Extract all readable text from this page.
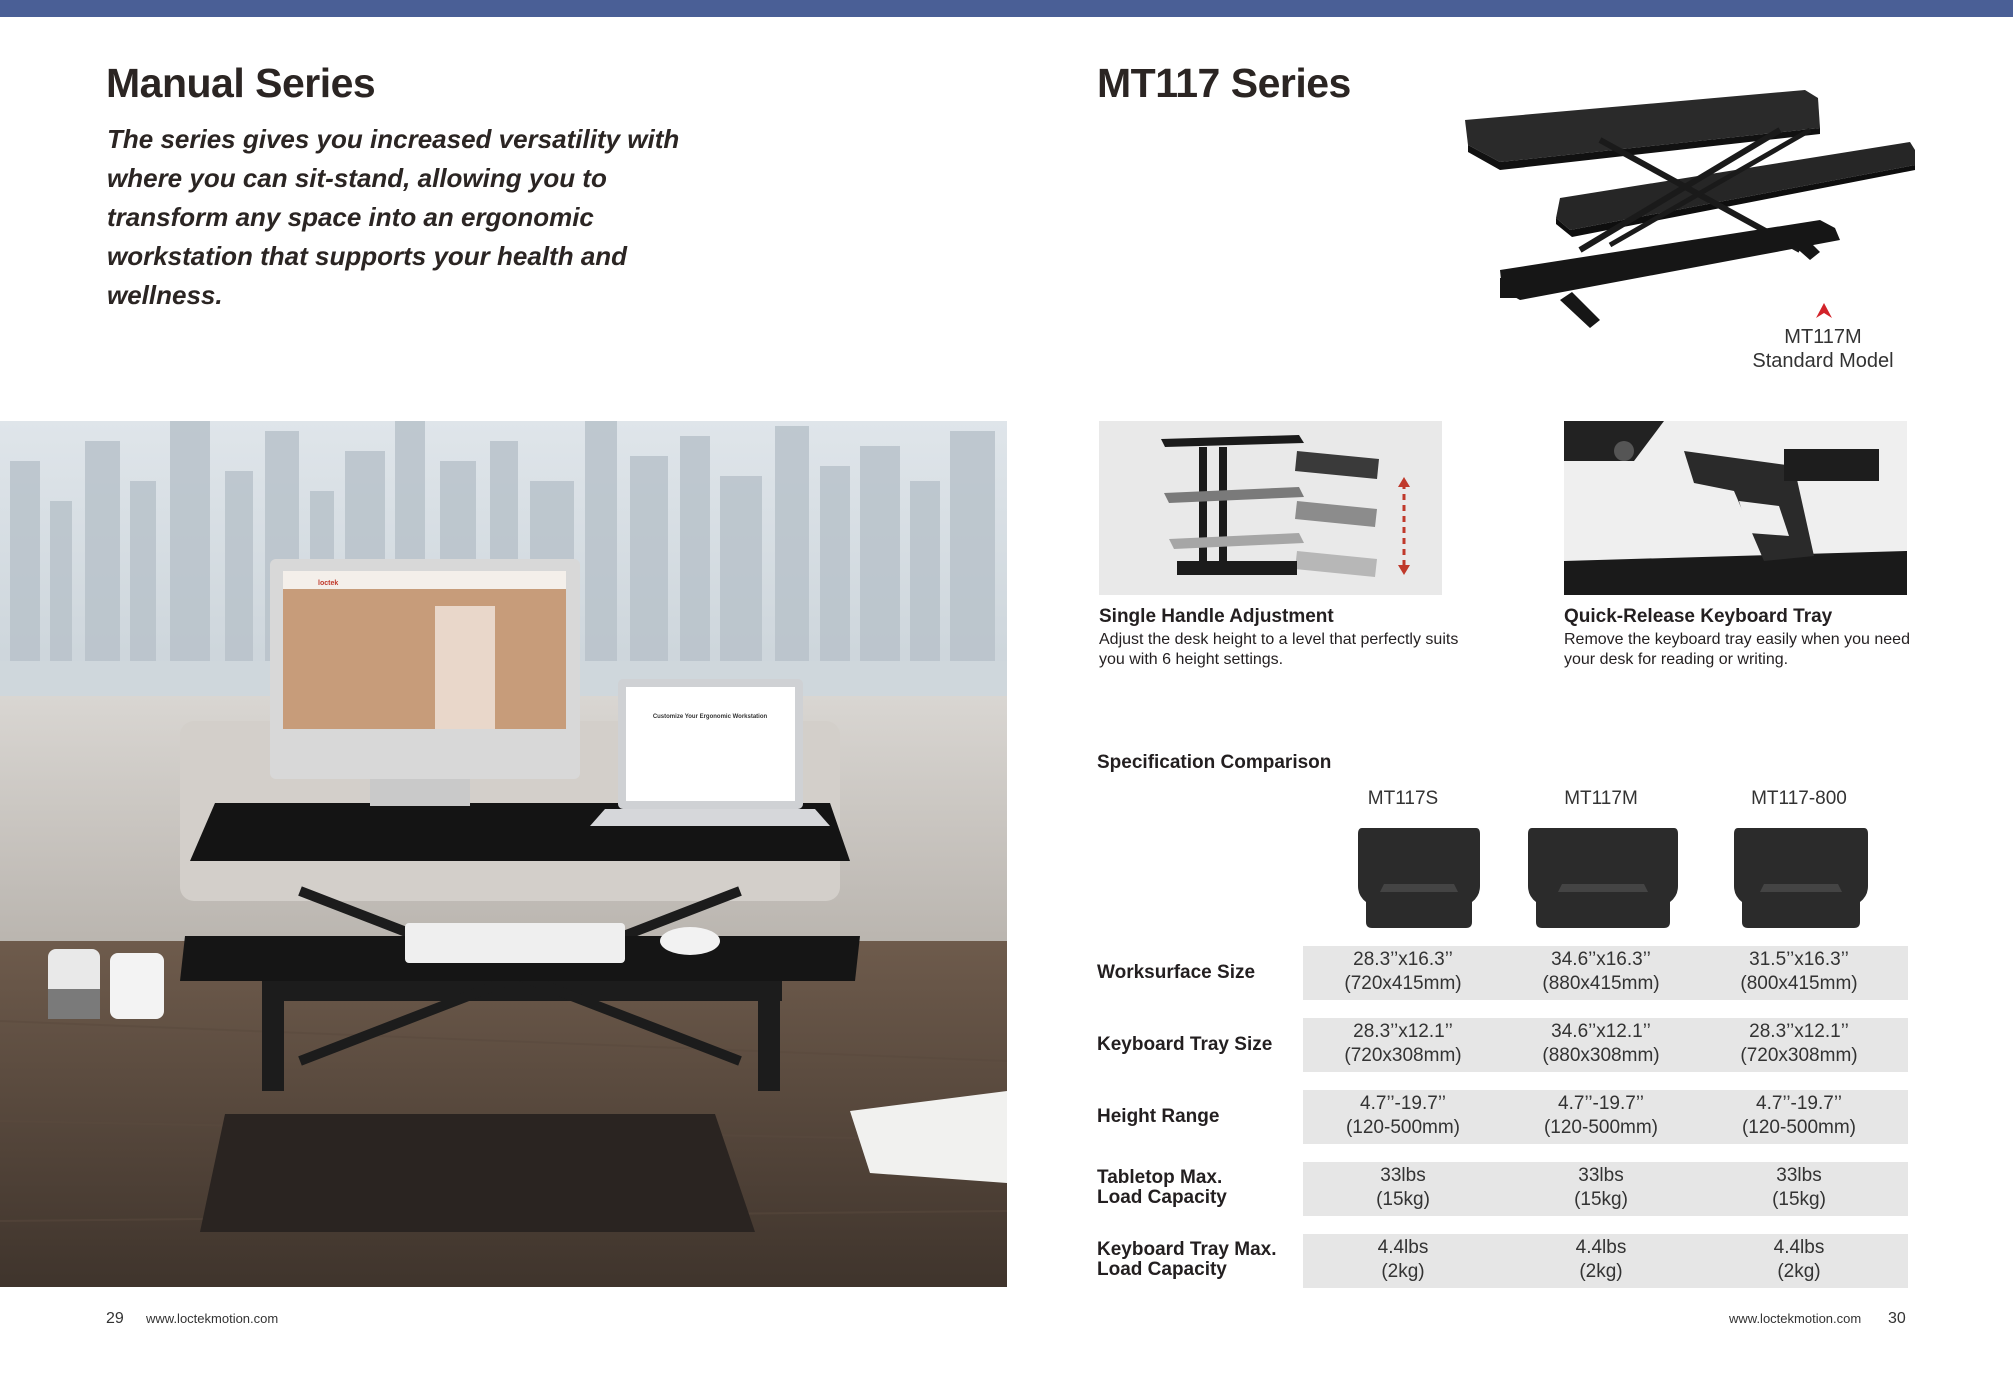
Manual Series

The series gives you increased versatility with where you can sit-stand, allowing you to transform any space into an ergonomic workstation that supports your health and wellness.

loctek
Customize Your Ergonomic Workstation
www.loctekmotion.com
29
MT117 Series
MT117M
Standard Model
Single Handle Adjustment
Adjust the desk height to a level that perfectly suits you with 6 height settings.
Quick-Release Keyboard Tray
Remove the keyboard tray easily when you need your desk for reading or writing.
Specification Comparison
MT117S	MT117M	MT117-800
Worksurface Size
28.3’’x16.3’’
(720x415mm)
34.6’’x16.3’’
(880x415mm)
31.5’’x16.3’’
(800x415mm)
Keyboard Tray Size
28.3’’x12.1’’
(720x308mm)
34.6’’x12.1’’
(880x308mm)
28.3’’x12.1’’
(720x308mm)
Height Range
4.7’’-19.7’’
(120-500mm)
4.7’’-19.7’’
(120-500mm)
4.7’’-19.7’’
(120-500mm)
Tabletop Max.
Load Capacity
33lbs
(15kg)
33lbs
(15kg)
33lbs
(15kg)
Keyboard Tray Max.
Load Capacity
4.4lbs
(2kg)
4.4lbs
(2kg)
4.4lbs
(2kg)
www.loctekmotion.com 30
